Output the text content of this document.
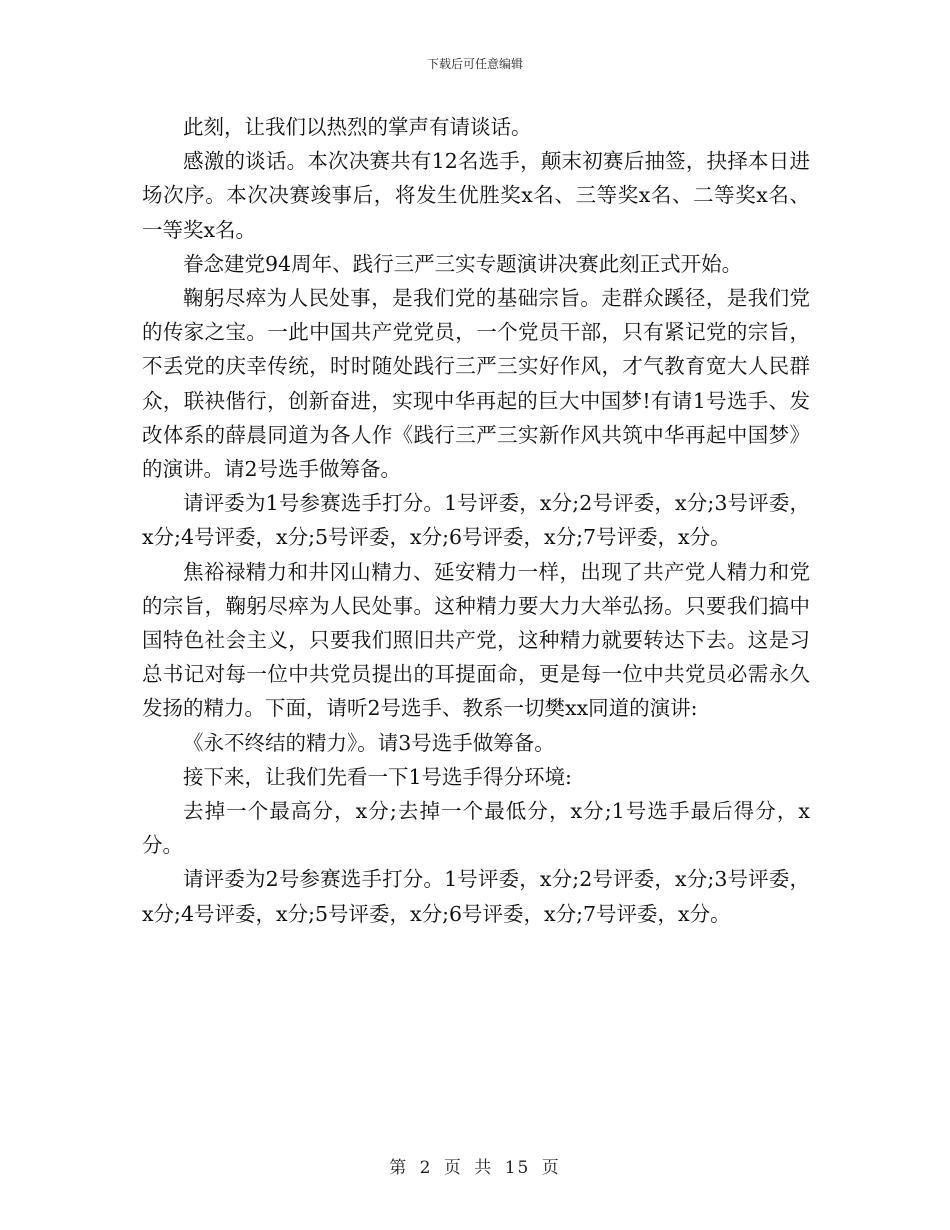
下载后可任意编辑

此刻，让我们以热烈的掌声有请谈话。

感激的谈话。本次决赛共有12名选手，颠末初赛后抽签，抉择本日进场次序。本次决赛竣事后，将发生优胜奖x名、三等奖x名、二等奖x名、一等奖x名。

眷念建党94周年、践行三严三实专题演讲决赛此刻正式开始。

鞠躬尽瘁为人民处事，是我们党的基础宗旨。走群众蹊径，是我们党的传家之宝。一此中国共产党党员，一个党员干部，只有紧记党的宗旨，不丢党的庆幸传统，时时随处践行三严三实好作风，才气教育宽大人民群众，联袂偕行，创新奋进，实现中华再起的巨大中国梦!有请1号选手、发改体系的薛晨同道为各人作《践行三严三实新作风共筑中华再起中国梦》的演讲。请2号选手做筹备。

请评委为1号参赛选手打分。1号评委，x分;2号评委，x分;3号评委，x分;4号评委，x分;5号评委，x分;6号评委，x分;7号评委，x分。

焦裕禄精力和井冈山精力、延安精力一样，出现了共产党人精力和党的宗旨，鞠躬尽瘁为人民处事。这种精力要大力大举弘扬。只要我们搞中国特色社会主义，只要我们照旧共产党，这种精力就要转达下去。这是习总书记对每一位中共党员提出的耳提面命，更是每一位中共党员必需永久发扬的精力。下面，请听2号选手、教系一切樊xx同道的演讲:

《永不终结的精力》。请3号选手做筹备。

接下来，让我们先看一下1号选手得分环境:

去掉一个最高分，x分;去掉一个最低分，x分;1号选手最后得分，x分。

请评委为2号参赛选手打分。1号评委，x分;2号评委，x分;3号评委，x分;4号评委，x分;5号评委，x分;6号评委，x分;7号评委，x分。

第 2 页 共 15 页
